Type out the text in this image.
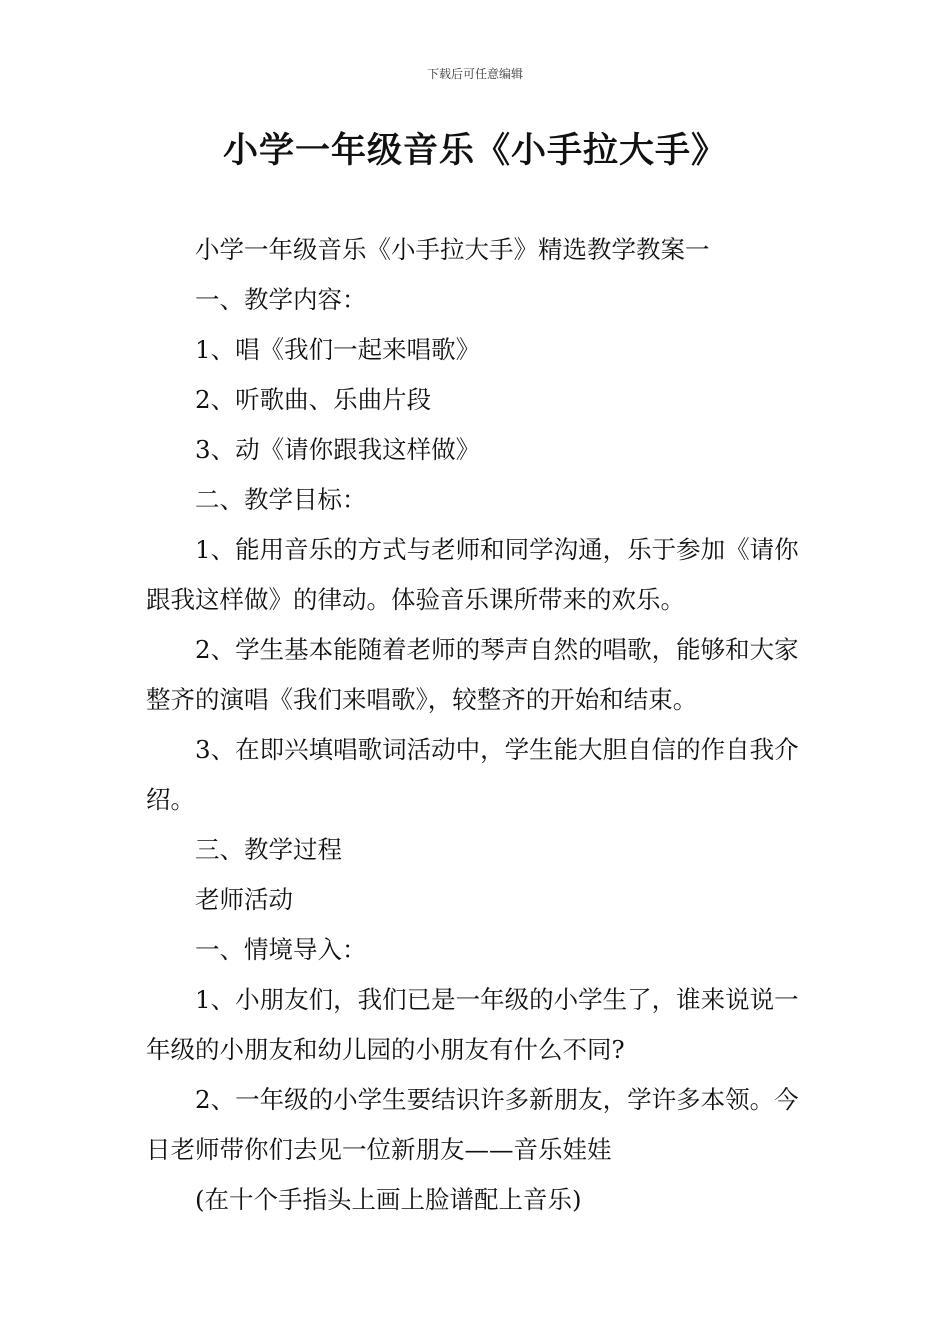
下载后可任意编辑
小学一年级音乐《小手拉大手》

小学一年级音乐《小手拉大手》精选教学教案一

一、教学内容：

1、唱《我们一起来唱歌》

2、听歌曲、乐曲片段

3、动《请你跟我这样做》

二、教学目标：

1、能用音乐的方式与老师和同学沟通，乐于参加《请你跟我这样做》的律动。体验音乐课所带来的欢乐。

2、学生基本能随着老师的琴声自然的唱歌，能够和大家整齐的演唱《我们来唱歌》，较整齐的开始和结束。

3、在即兴填唱歌词活动中，学生能大胆自信的作自我介绍。

三、教学过程

老师活动

一、情境导入：

1、小朋友们，我们已是一年级的小学生了，谁来说说一年级的小朋友和幼儿园的小朋友有什么不同?

2、一年级的小学生要结识许多新朋友，学许多本领。今日老师带你们去见一位新朋友——音乐娃娃

(在十个手指头上画上脸谱配上音乐)
